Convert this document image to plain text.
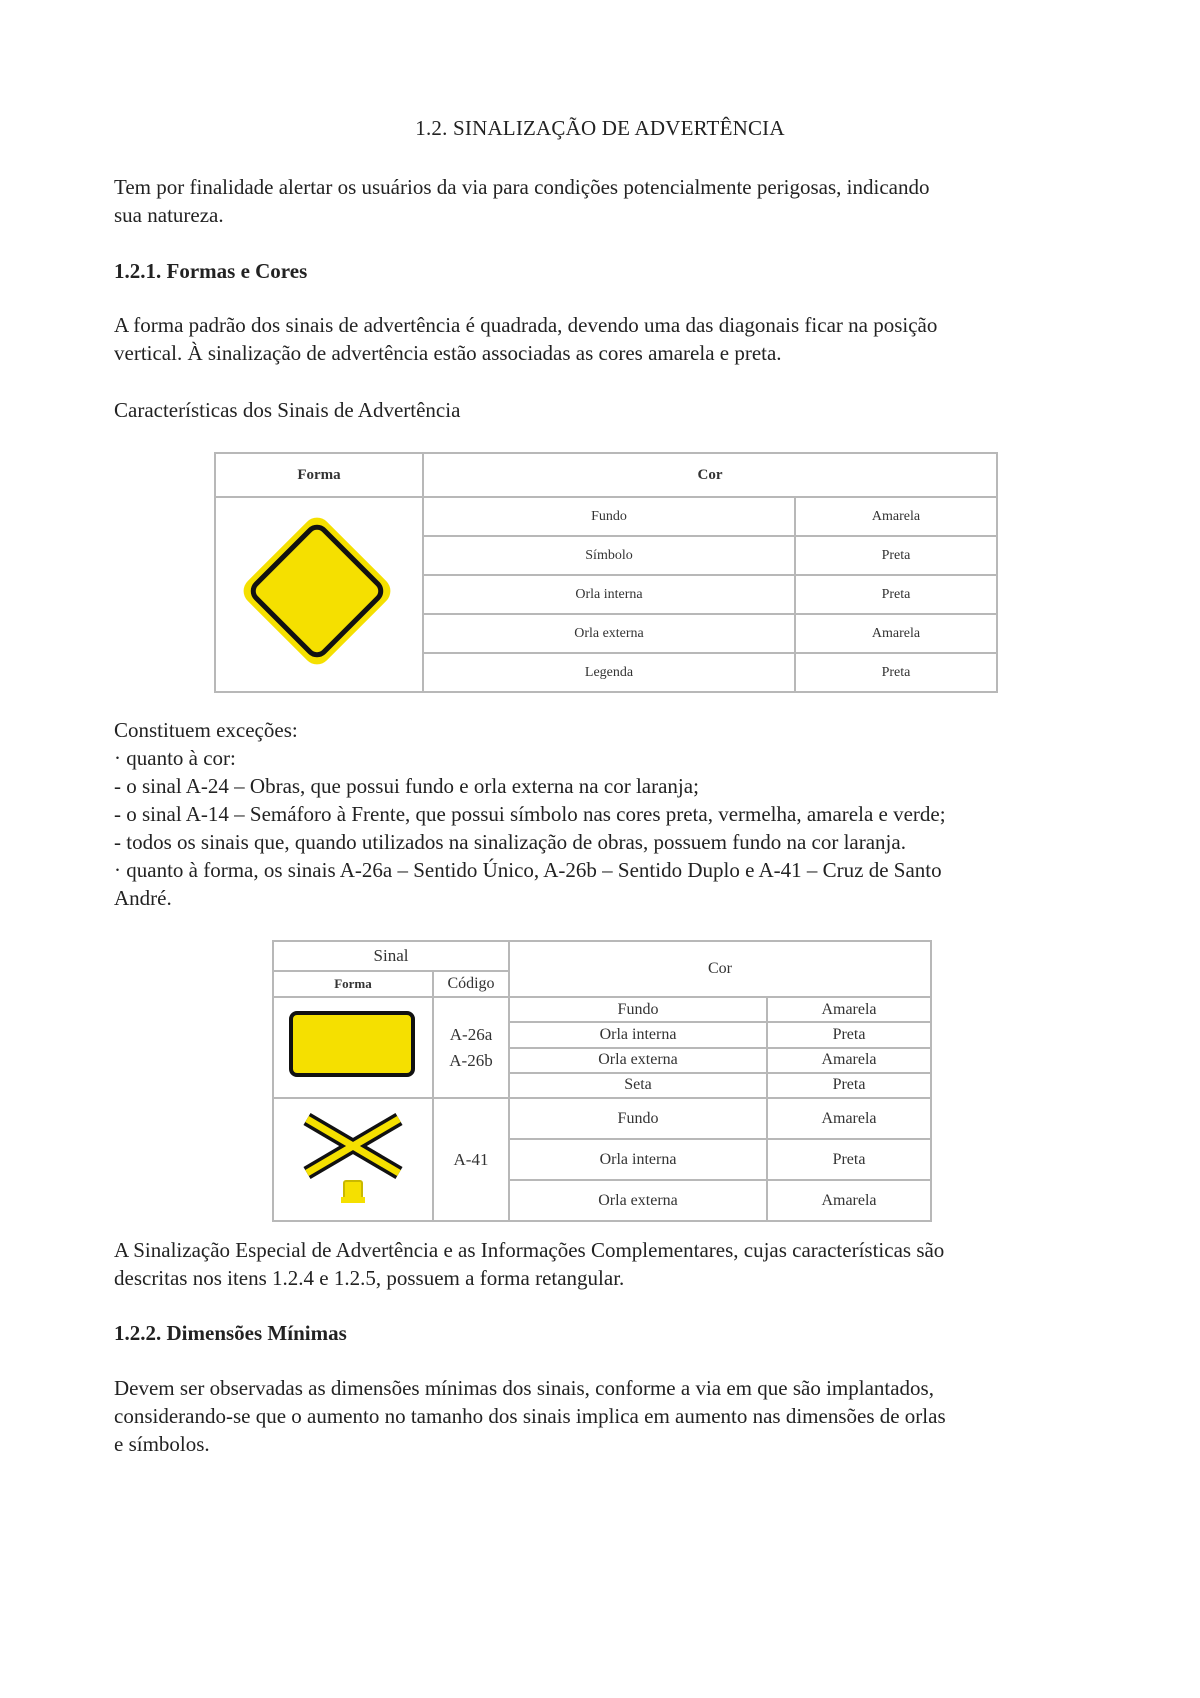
1.2. SINALIZAÇÃO DE ADVERTÊNCIA

Tem por finalidade alertar os usuários da via para condições potencialmente perigosas, indicando
sua natureza.

1.2.1. Formas e Cores

A forma padrão dos sinais de advertência é quadrada, devendo uma das diagonais ficar na posição
vertical. À sinalização de advertência estão associadas as cores amarela e preta.

Características dos Sinais de Advertência

Forma	Cor	
	Fundo	Amarela
	Símbolo	Preta
	Orla interna	Preta
	Orla externa	Amarela
	Legenda	Preta

Constituem exceções:
· quanto à cor:
- o sinal A-24 – Obras, que possui fundo e orla externa na cor laranja;
- o sinal A-14 – Semáforo à Frente, que possui símbolo nas cores preta, vermelha, amarela e verde;
- todos os sinais que, quando utilizados na sinalização de obras, possuem fundo na cor laranja.
· quanto à forma, os sinais A-26a – Sentido Único, A-26b – Sentido Duplo e A-41 – Cruz de Santo
André.

Sinal		Cor	
Forma	Código		

A-26a
A-26b	Fundo	Amarela
		Orla interna	Preta
		Orla externa	Amarela
		Seta	Preta
	A-41	Fundo	Amarela
		Orla interna	Preta
		Orla externa	Amarela

A Sinalização Especial de Advertência e as Informações Complementares, cujas características são
descritas nos itens 1.2.4 e 1.2.5, possuem a forma retangular.

1.2.2. Dimensões Mínimas

Devem ser observadas as dimensões mínimas dos sinais, conforme a via em que são implantados,
considerando-se que o aumento no tamanho dos sinais implica em aumento nas dimensões de orlas
e símbolos.
